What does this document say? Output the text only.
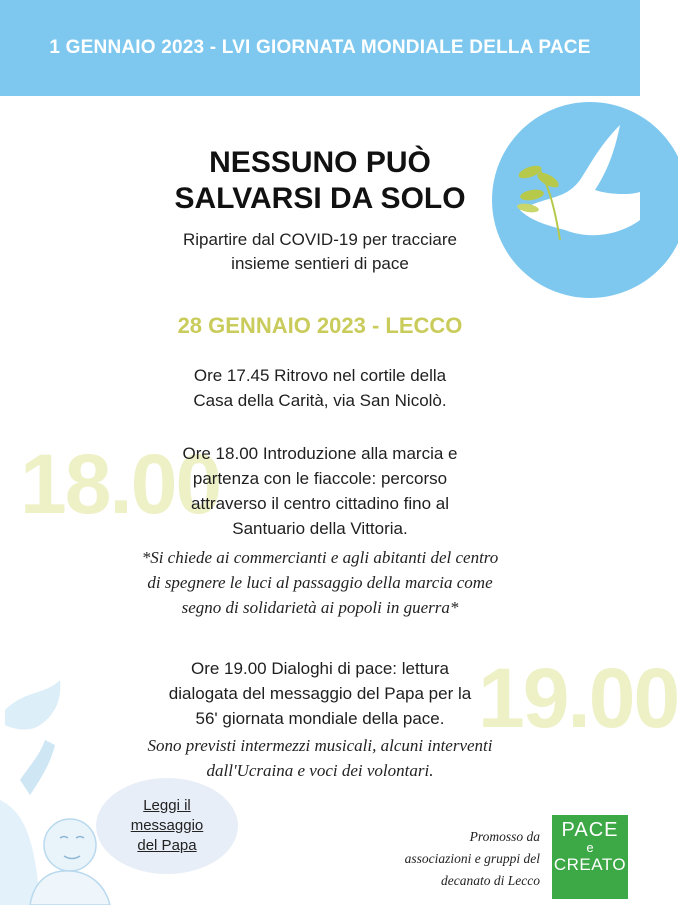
1 GENNAIO 2023 - LVI GIORNATA MONDIALE DELLA PACE
NESSUNO PUÒ
SALVARSI DA SOLO
Ripartire dal COVID-19 per tracciare
insieme sentieri di pace
28 GENNAIO 2023 - LECCO
18.00
19.00
Ore 17.45 Ritrovo nel cortile della
Casa della Carità, via San Nicolò.
Ore 18.00 Introduzione alla marcia e
partenza con le fiaccole: percorso
attraverso il centro cittadino fino al
Santuario della Vittoria.
*Si chiede ai commercianti e agli abitanti del centro
di spegnere le luci al passaggio della marcia come
segno di solidarietà ai popoli in guerra*
Ore 19.00 Dialoghi di pace: lettura
dialogata del messaggio del Papa per la
56' giornata mondiale della pace.
Sono previsti intermezzi musicali, alcuni interventi
dall'Ucraina e voci dei volontari.
Leggi il
messaggio
del Papa
Promosso da
associazioni e gruppi del
decanato di Lecco
PACE
e
CREATO
